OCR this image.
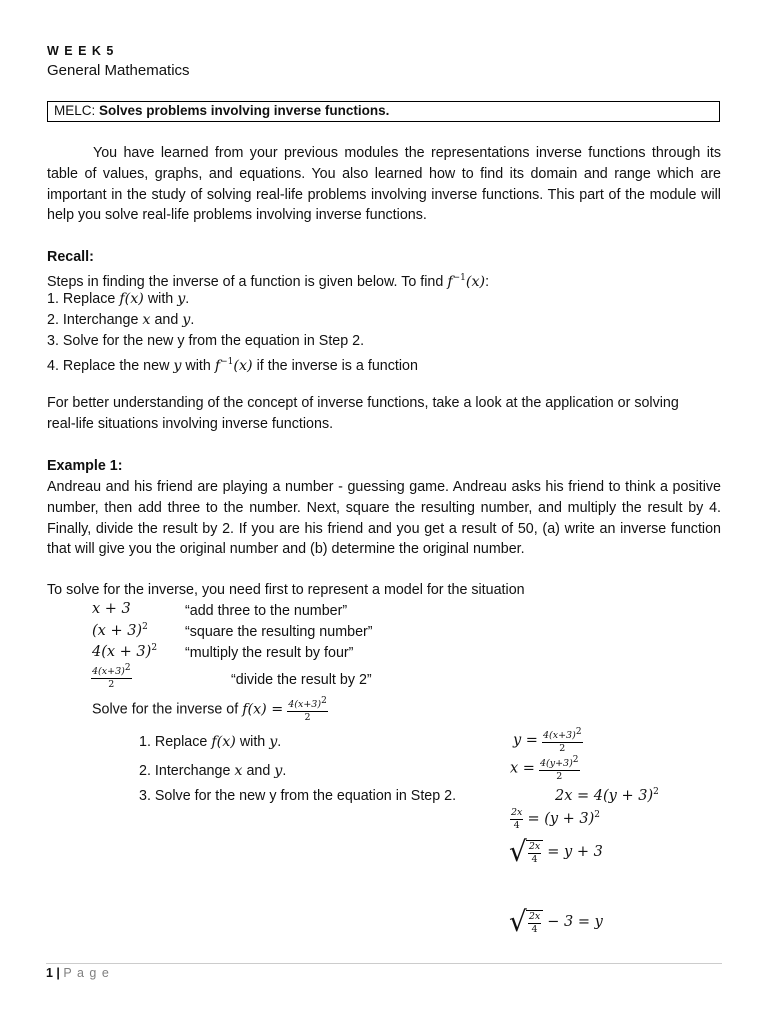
W E E K 5
General Mathematics
MELC: Solves problems involving inverse functions.
You have learned from your previous modules the representations inverse functions through its table of values, graphs, and equations. You also learned how to find its domain and range which are important in the study of solving real-life problems involving inverse functions. This part of the module will help you solve real-life problems involving inverse functions.
Recall:
Steps in finding the inverse of a function is given below. To find $f^{-1}(x)$:
1. Replace f(x) with y.
2. Interchange x and y.
3. Solve for the new y from the equation in Step 2.
4. Replace the new y with $f^{-1}(x)$ if the inverse is a function
For better understanding of the concept of inverse functions, take a look at the application or solving real-life situations involving inverse functions.
Example 1:
Andreau and his friend are playing a number - guessing game. Andreau asks his friend to think a positive number, then add three to the number. Next, square the resulting number, and multiply the result by 4. Finally, divide the result by 2. If you are his friend and you get a result of 50, (a) write an inverse function that will give you the original number and (b) determine the original number.
To solve for the inverse, you need first to represent a model for the situation
x + 3	“add three to the number”
$(x + 3)^2$	“square the resulting number”
$4(x + 3)^2$ “multiply the result by four”
$\frac{4(x+3)^2}{2}$	“divide the result by 2”
Solve for the inverse of $f(x) = \frac{4(x+3)^2}{2}$
1. Replace f(x) with y.
2. Interchange x and y.
3. Solve for the new y from the equation in Step 2.
$y = \frac{4(x+3)^2}{2}$
$x = \frac{4(y+3)^2}{2}$
$2x = 4(y + 3)^2$
$\frac{2x}{4} = (y + 3)^2$
√ $\frac{2x}{4} = y + 3$
√ $\frac{2x}{4} - 3 = y$
1 | P a g e
